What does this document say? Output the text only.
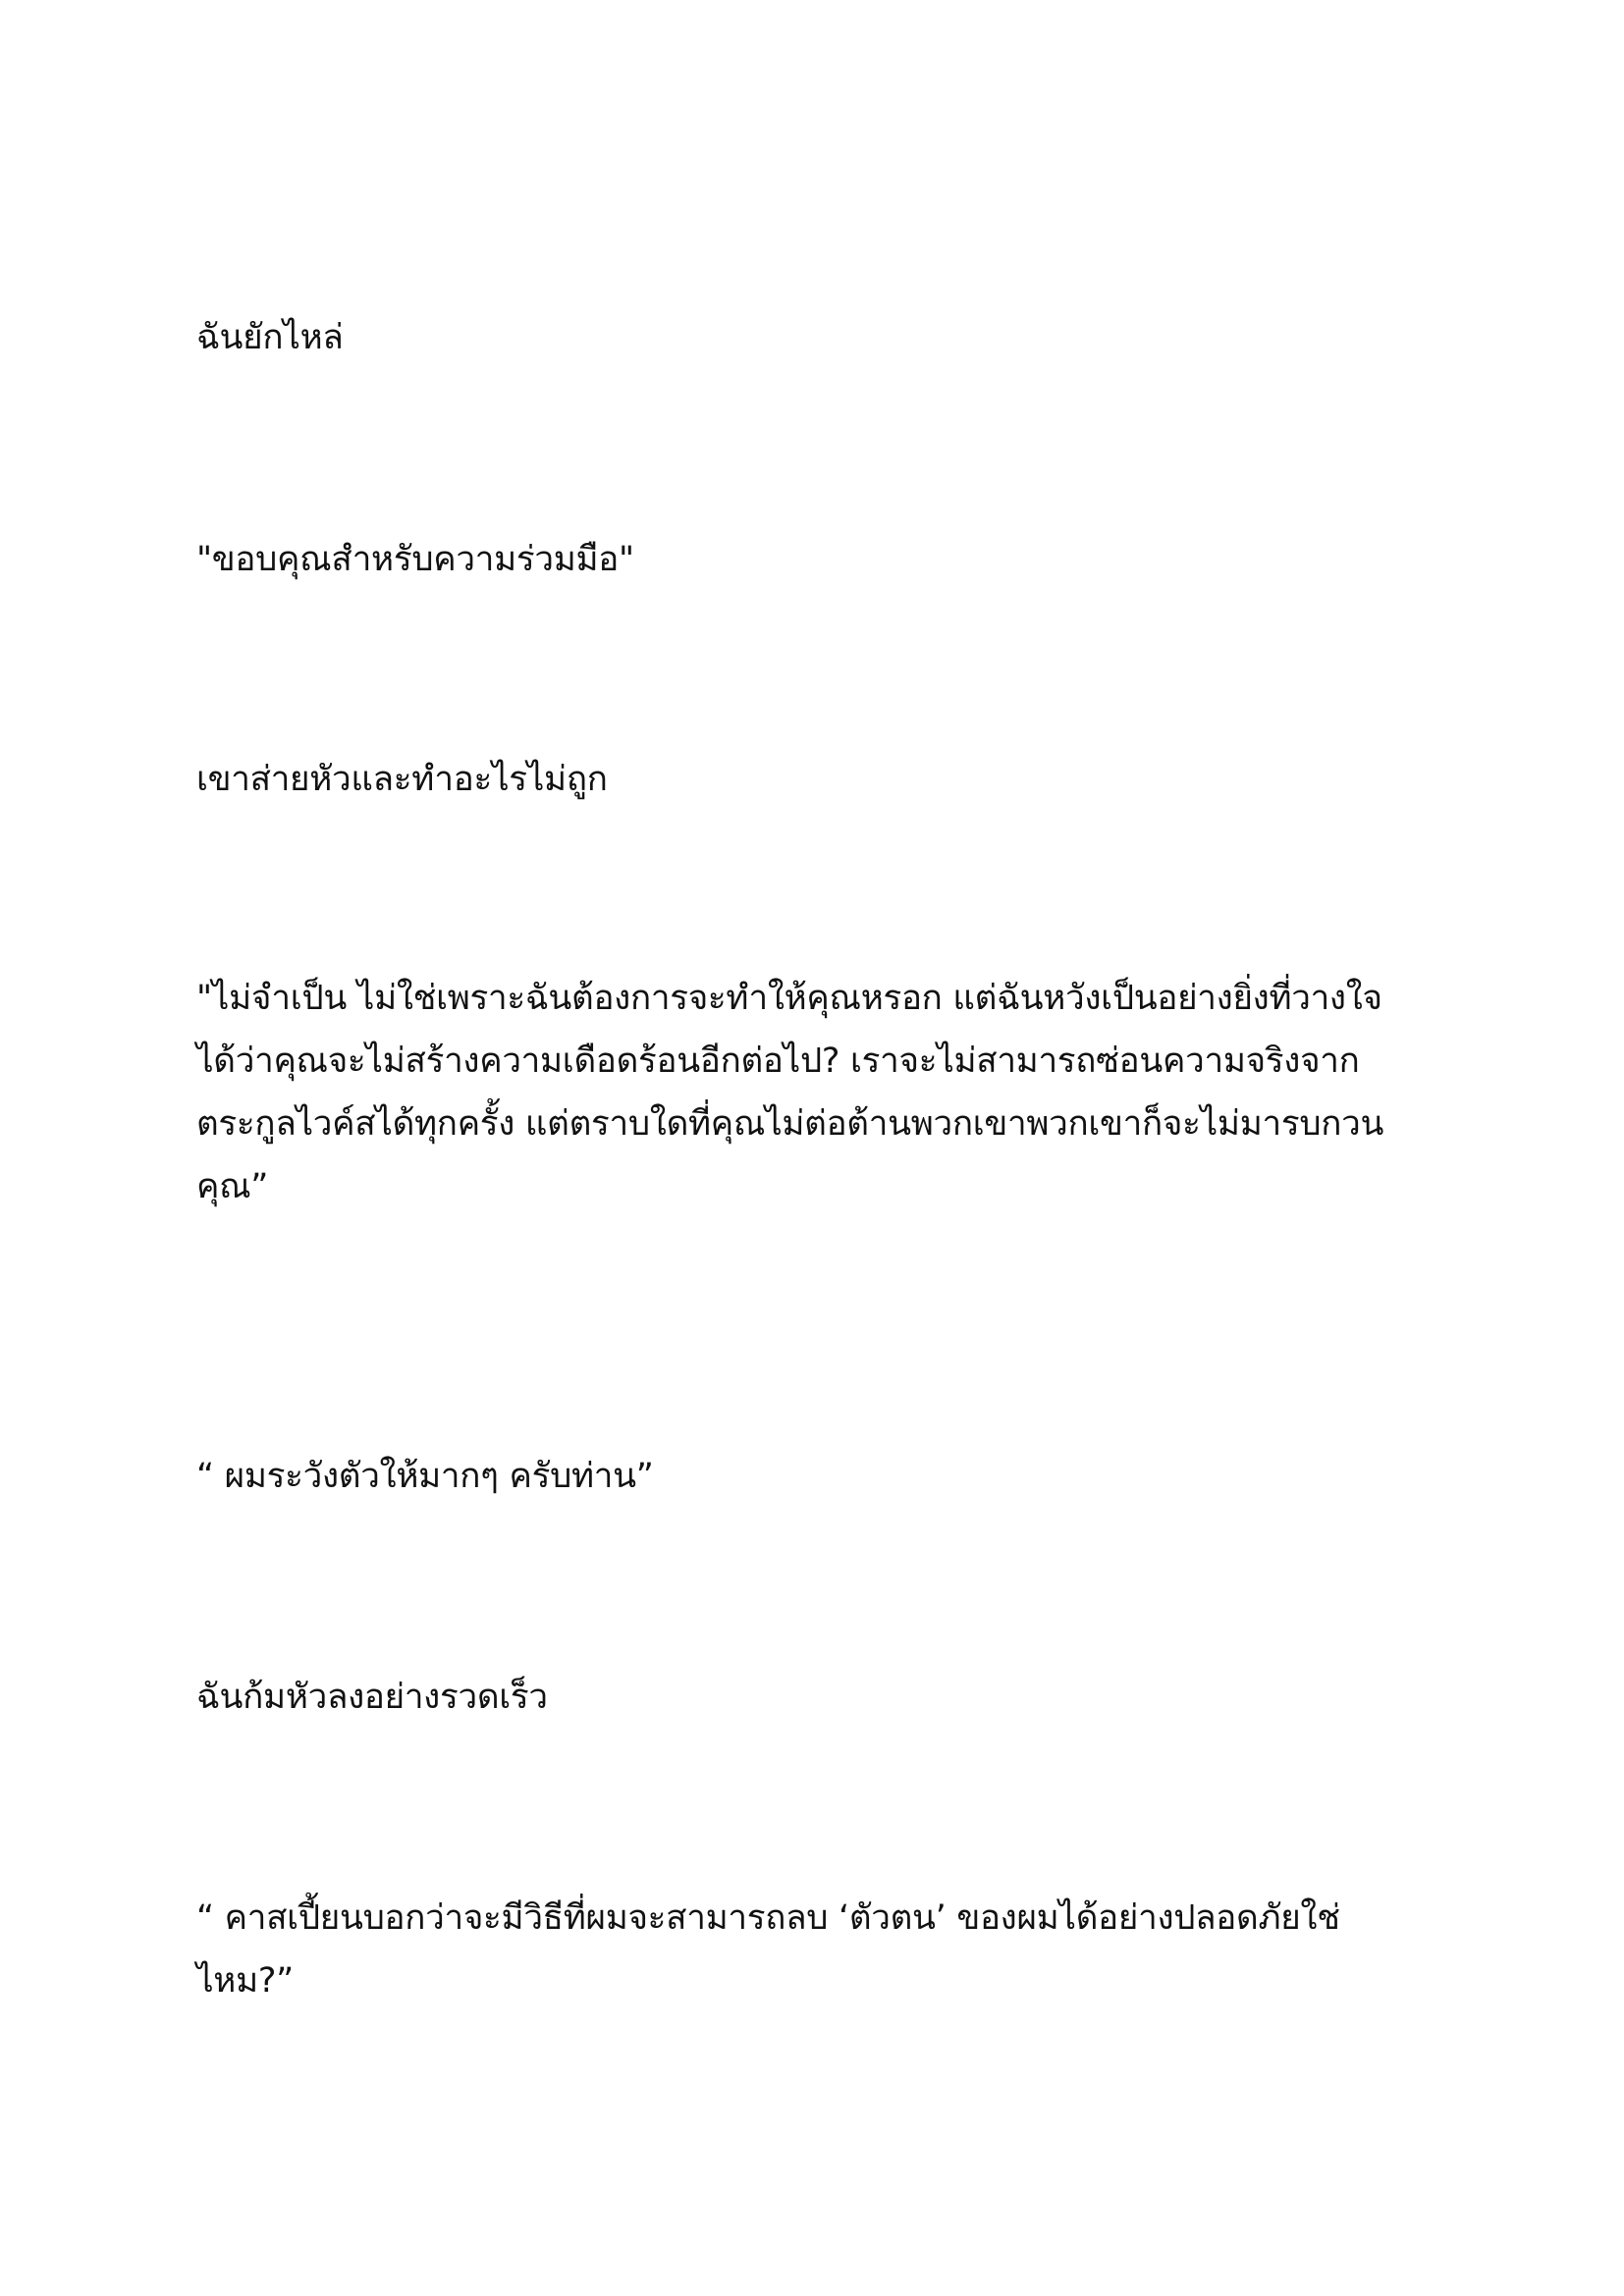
ฉันยักไหล่

"ขอบคุณสำหรับความร่วมมือ"

เขาส่ายหัวและทำอะไรไม่ถูก

"ไม่จำเป็น ไม่ใช่เพราะฉันต้องการจะทำให้คุณหรอก แต่ฉันหวังเป็นอย่างยิ่งที่วางใจ
ได้ว่าคุณจะไม่สร้างความเดือดร้อนอีกต่อไป? เราจะไม่สามารถซ่อนความจริงจาก
ตระกูลไวค์สได้ทุกครั้ง แต่ตราบใดที่คุณไม่ต่อต้านพวกเขาพวกเขาก็จะไม่มารบกวน
คุณ”

“ ผมระวังตัวให้มากๆ ครับท่าน”

ฉันก้มหัวลงอย่างรวดเร็ว

“ คาสเปี้ยนบอกว่าจะมีวิธีที่ผมจะสามารถลบ ‘ตัวตน’ ของผมได้อย่างปลอดภัยใช่
ไหม?”
